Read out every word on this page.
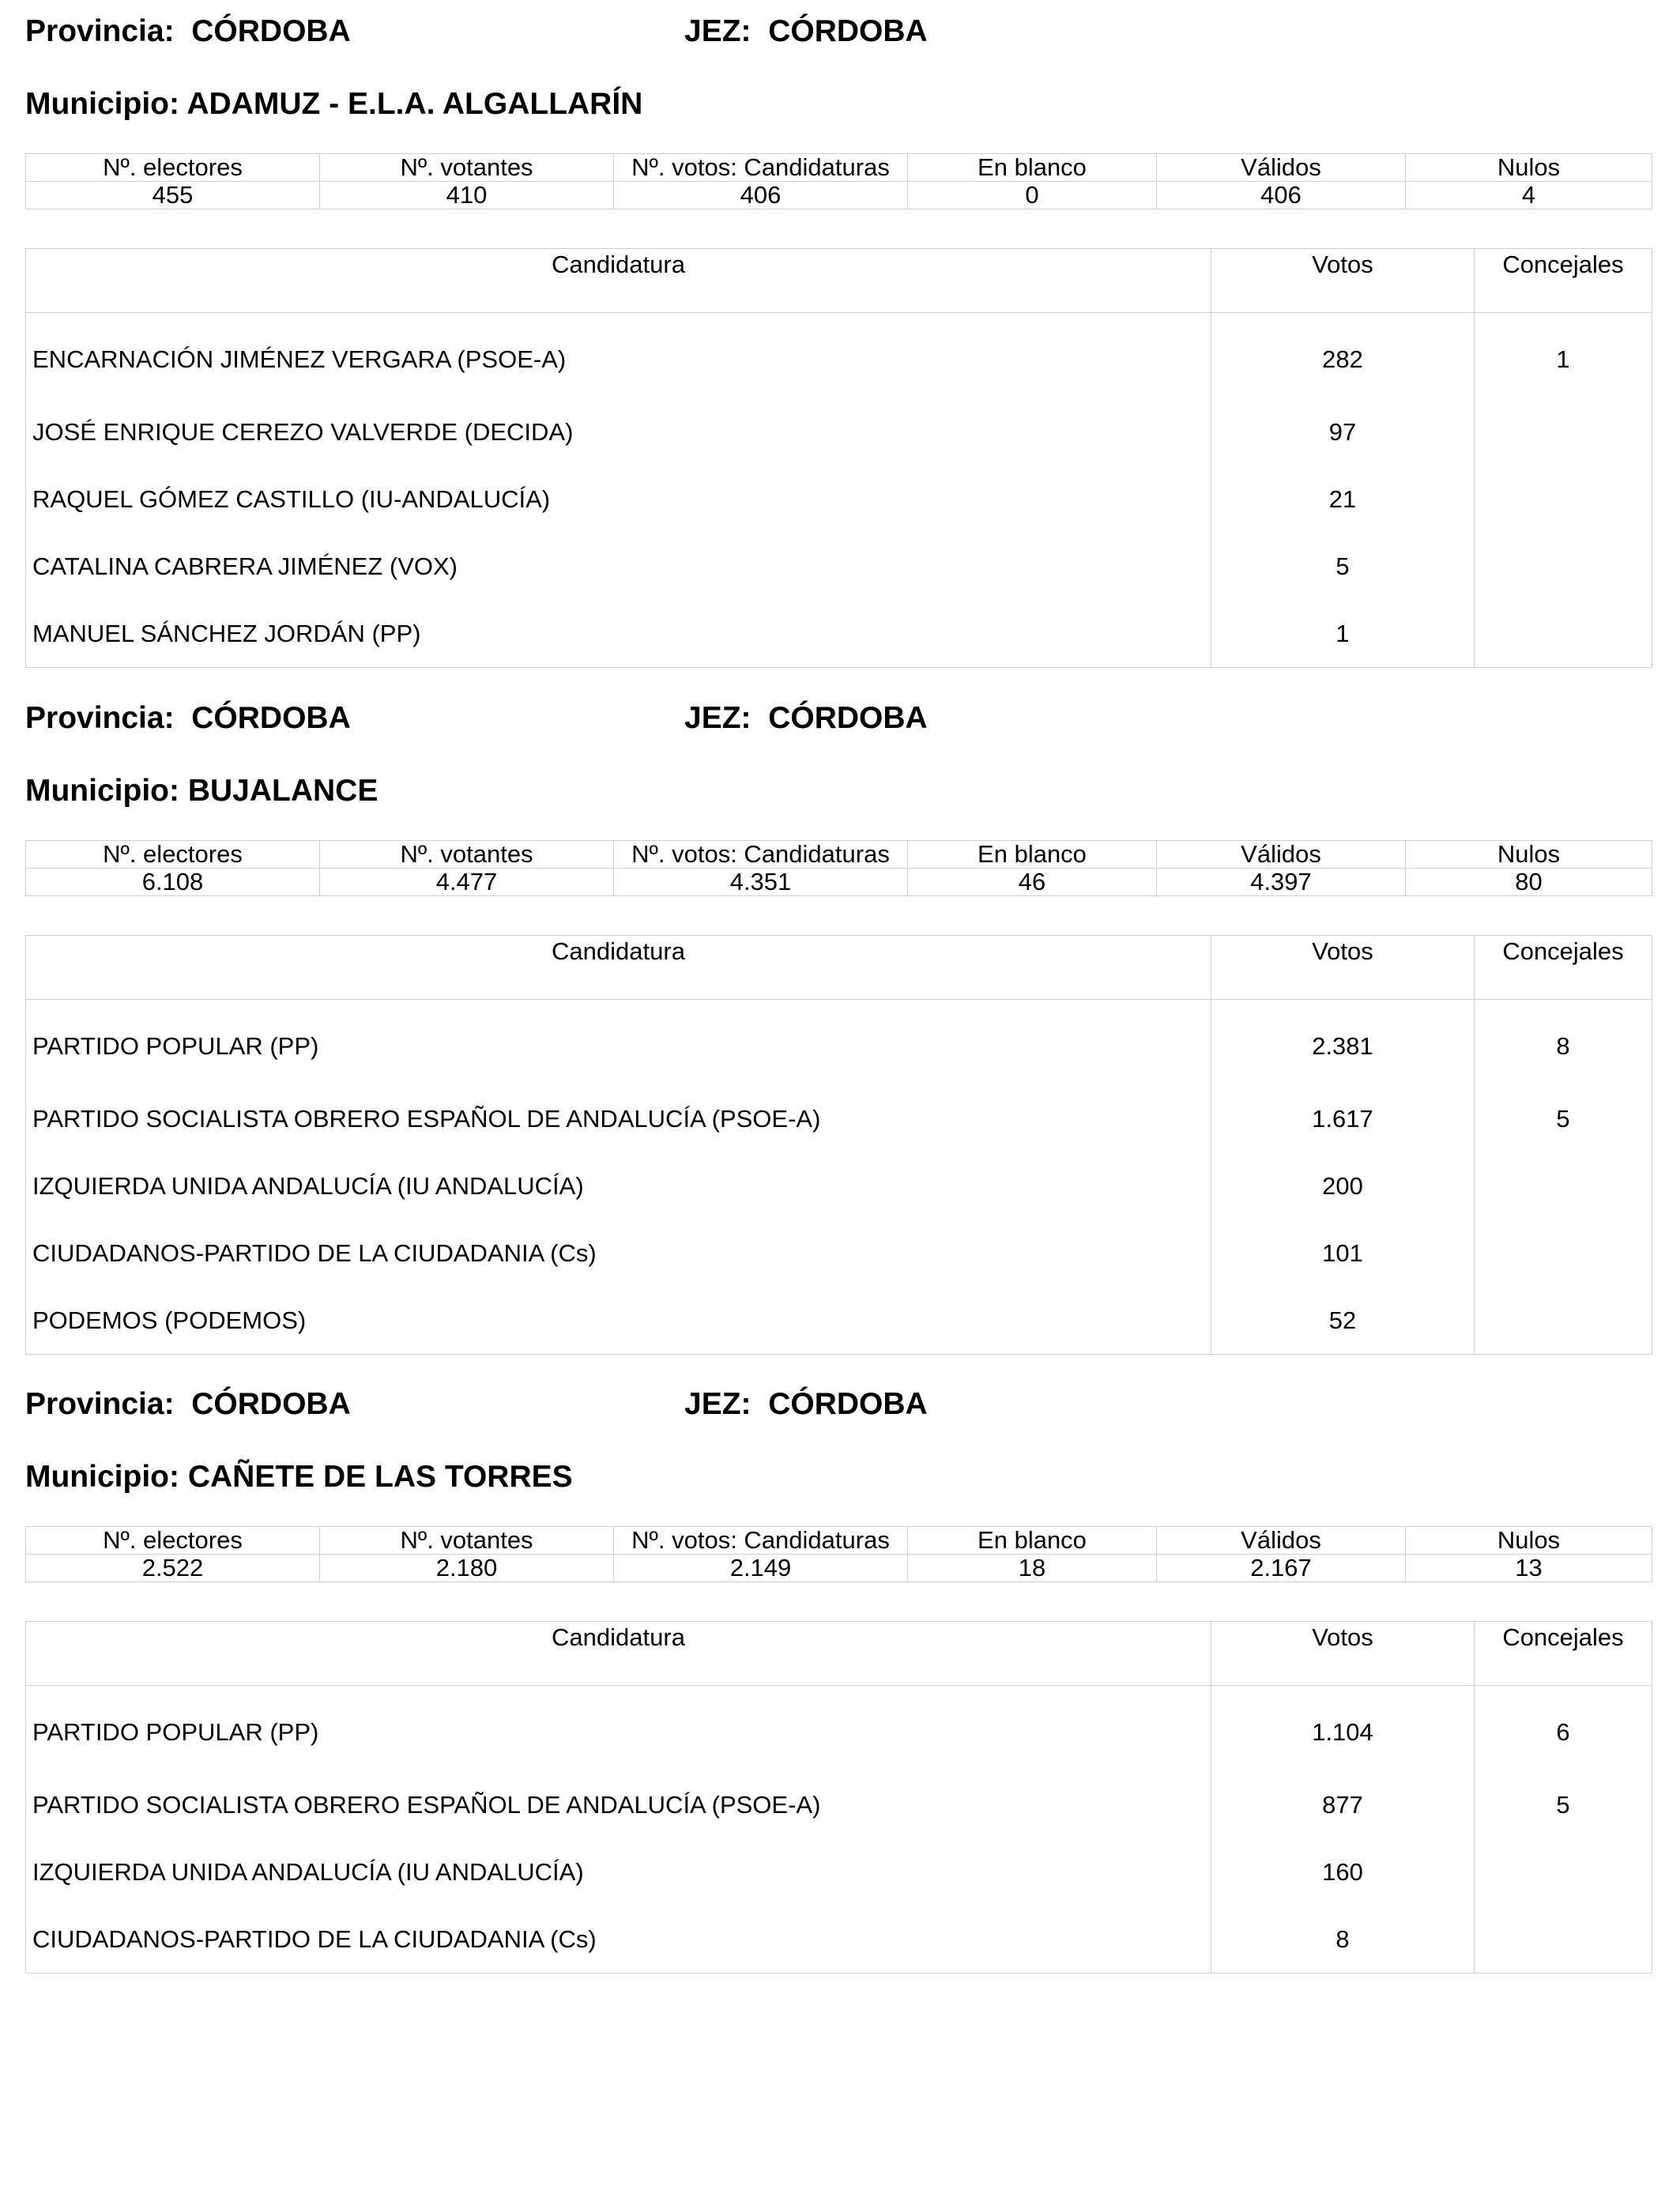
Provincia: CÓRDOBA	JEZ: CÓRDOBA
Municipio: ADAMUZ - E.L.A. ALGALLARÍN
Nº. electores	Nº. votantes	Nº. votos: Candidaturas	En blanco	Válidos	Nulos
455	410	406	0	406	4
Candidatura	Votos	Concejales
ENCARNACIÓN JIMÉNEZ VERGARA (PSOE-A)	282	1
JOSÉ ENRIQUE CEREZO VALVERDE (DECIDA)	97	
RAQUEL GÓMEZ CASTILLO (IU-ANDALUCÍA)	21	
CATALINA CABRERA JIMÉNEZ (VOX)	5	
MANUEL SÁNCHEZ JORDÁN (PP)	1	
Provincia: CÓRDOBA	JEZ: CÓRDOBA
Municipio: BUJALANCE
Nº. electores	Nº. votantes	Nº. votos: Candidaturas	En blanco	Válidos	Nulos
6.108	4.477	4.351	46	4.397	80
Candidatura	Votos	Concejales
PARTIDO POPULAR (PP)	2.381	8
PARTIDO SOCIALISTA OBRERO ESPAÑOL DE ANDALUCÍA (PSOE-A)	1.617	5
IZQUIERDA UNIDA ANDALUCÍA (IU ANDALUCÍA)	200	
CIUDADANOS-PARTIDO DE LA CIUDADANIA (Cs)	101	
PODEMOS (PODEMOS)	52	
Provincia: CÓRDOBA	JEZ: CÓRDOBA
Municipio: CAÑETE DE LAS TORRES
Nº. electores	Nº. votantes	Nº. votos: Candidaturas	En blanco	Válidos	Nulos
2.522	2.180	2.149	18	2.167	13
Candidatura	Votos	Concejales
PARTIDO POPULAR (PP)	1.104	6
PARTIDO SOCIALISTA OBRERO ESPAÑOL DE ANDALUCÍA (PSOE-A)	877	5
IZQUIERDA UNIDA ANDALUCÍA (IU ANDALUCÍA)	160	
CIUDADANOS-PARTIDO DE LA CIUDADANIA (Cs)	8	
